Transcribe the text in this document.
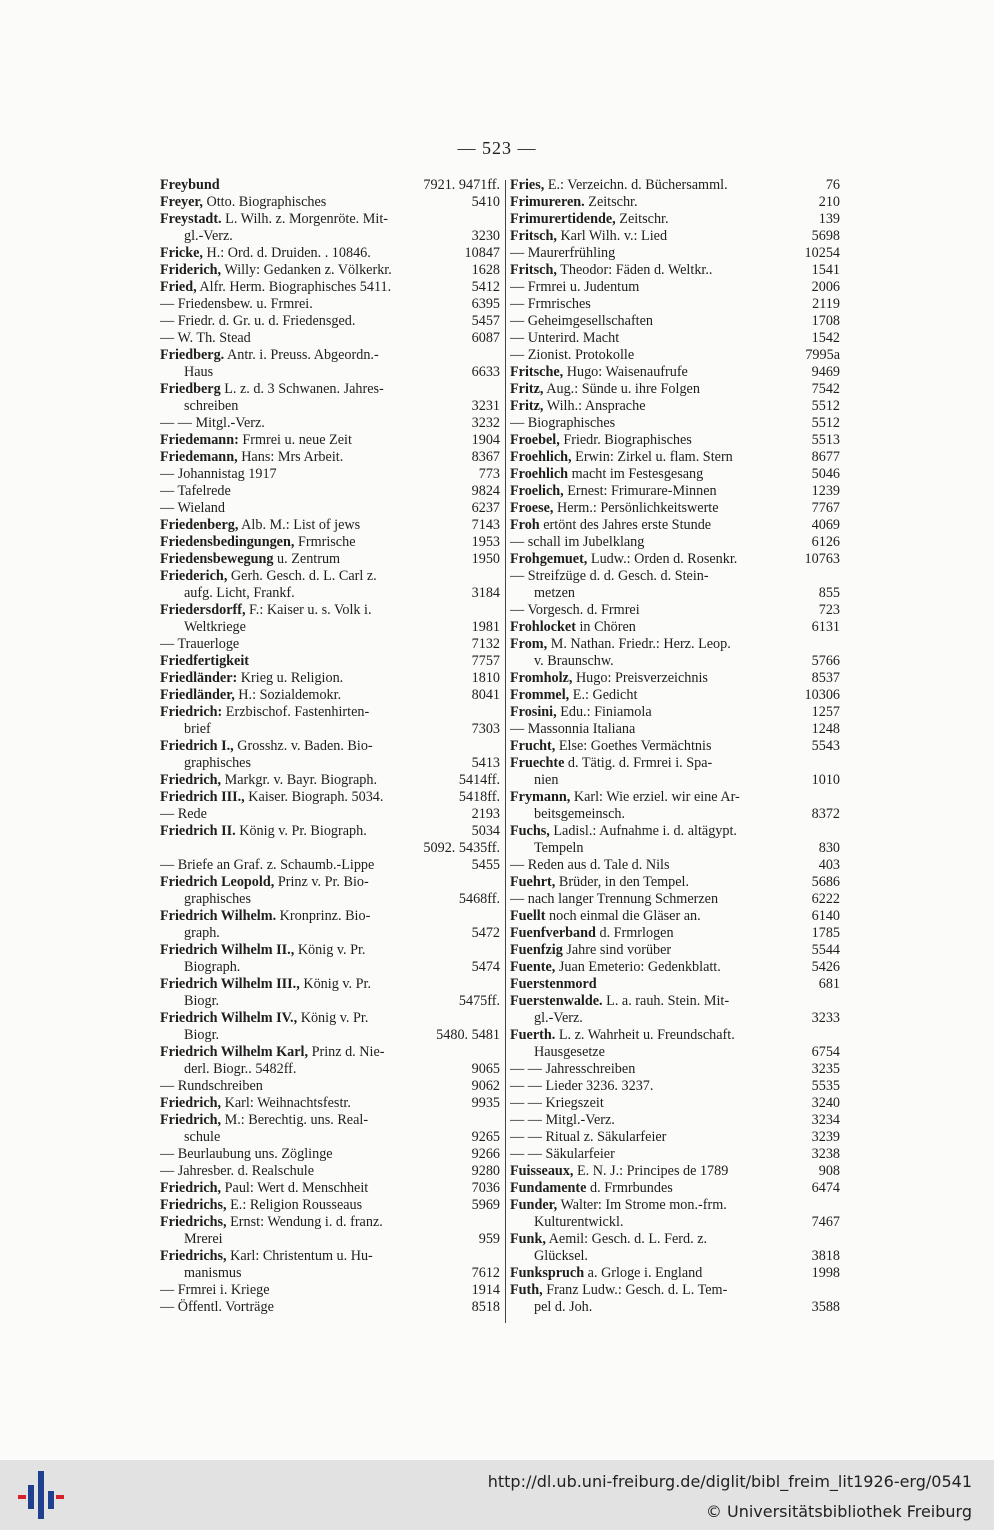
— 523 —
Freybund	7921. 9471ff.
Freyer, Otto. Biographisches	5410
Freystadt. L. Wilh. z. Morgenröte. Mit-
gl.-Verz.	3230
Fricke, H.: Ord. d. Druiden. . 10846.	10847
Friderich, Willy: Gedanken z. Völkerkr.	1628
Fried, Alfr. Herm. Biographisches 5411.	5412
— Friedensbew. u. Frmrei.	6395
— Friedr. d. Gr. u. d. Friedensged.	5457
— W. Th. Stead	6087
Friedberg. Antr. i. Preuss. Abgeordn.-
Haus	6633
Friedberg L. z. d. 3 Schwanen. Jahres-
schreiben	3231
— — Mitgl.-Verz.	3232
Friedemann: Frmrei u. neue Zeit	1904
Friedemann, Hans: Mrs Arbeit.	8367
— Johannistag 1917	773
— Tafelrede	9824
— Wieland	6237
Friedenberg, Alb. M.: List of jews	7143
Friedensbedingungen, Frmrische	1953
Friedensbewegung u. Zentrum	1950
Friederich, Gerh. Gesch. d. L. Carl z.
aufg. Licht, Frankf.	3184
Friedersdorff, F.: Kaiser u. s. Volk i.
Weltkriege	1981
— Trauerloge	7132
Friedfertigkeit	7757
Friedländer: Krieg u. Religion.	1810
Friedländer, H.: Sozialdemokr.	8041
Friedrich: Erzbischof. Fastenhirten-
brief	7303
Friedrich I., Grosshz. v. Baden. Bio-
graphisches	5413
Friedrich, Markgr. v. Bayr. Biograph.	5414ff.
Friedrich III., Kaiser. Biograph. 5034.	5418ff.
— Rede	2193
Friedrich II. König v. Pr. Biograph.	5034
5092. 5435ff.
— Briefe an Graf. z. Schaumb.-Lippe	5455
Friedrich Leopold, Prinz v. Pr. Bio-
graphisches	5468ff.
Friedrich Wilhelm. Kronprinz. Bio-
graph.	5472
Friedrich Wilhelm II., König v. Pr.
Biograph.	5474
Friedrich Wilhelm III., König v. Pr.
Biogr.	5475ff.
Friedrich Wilhelm IV., König v. Pr.
Biogr.	5480. 5481
Friedrich Wilhelm Karl, Prinz d. Nie-
derl. Biogr.. 5482ff.	9065
— Rundschreiben	9062
Friedrich, Karl: Weihnachtsfestr.	9935
Friedrich, M.: Berechtig. uns. Real-
schule	9265
— Beurlaubung uns. Zöglinge	9266
— Jahresber. d. Realschule	9280
Friedrich, Paul: Wert d. Menschheit	7036
Friedrichs, E.: Religion Rousseaus	5969
Friedrichs, Ernst: Wendung i. d. franz.
Mrerei	959
Friedrichs, Karl: Christentum u. Hu-
manismus	7612
— Frmrei i. Kriege	1914
— Öffentl. Vorträge	8518
Fries, E.: Verzeichn. d. Büchersamml.	76
Frimureren. Zeitschr.	210
Frimurertidende, Zeitschr.	139
Fritsch, Karl Wilh. v.: Lied	5698
— Maurerfrühling	10254
Fritsch, Theodor: Fäden d. Weltkr..	1541
— Frmrei u. Judentum	2006
— Frmrisches	2119
— Geheimgesellschaften	1708
— Unterird. Macht	1542
— Zionist. Protokolle	7995a
Fritsche, Hugo: Waisenaufrufe	9469
Fritz, Aug.: Sünde u. ihre Folgen	7542
Fritz, Wilh.: Ansprache	5512
— Biographisches	5512
Froebel, Friedr. Biographisches	5513
Froehlich, Erwin: Zirkel u. flam. Stern	8677
Froehlich macht im Festesgesang	5046
Froelich, Ernest: Frimurare-Minnen	1239
Froese, Herm.: Persönlichkeitswerte	7767
Froh ertönt des Jahres erste Stunde	4069
— schall im Jubelklang	6126
Frohgemuet, Ludw.: Orden d. Rosenkr.	10763
— Streifzüge d. d. Gesch. d. Stein-
metzen	855
— Vorgesch. d. Frmrei	723
Frohlocket in Chören	6131
From, M. Nathan. Friedr.: Herz. Leop.
v. Braunschw.	5766
Fromholz, Hugo: Preisverzeichnis	8537
Frommel, E.: Gedicht	10306
Frosini, Edu.: Finiamola	1257
— Massonnia Italiana	1248
Frucht, Else: Goethes Vermächtnis	5543
Fruechte d. Tätig. d. Frmrei i. Spa-
nien	1010
Frymann, Karl: Wie erziel. wir eine Ar-
beitsgemeinsch.	8372
Fuchs, Ladisl.: Aufnahme i. d. altägypt.
Tempeln	830
— Reden aus d. Tale d. Nils	403
Fuehrt, Brüder, in den Tempel.	5686
— nach langer Trennung Schmerzen	6222
Fuellt noch einmal die Gläser an.	6140
Fuenfverband d. Frmrlogen	1785
Fuenfzig Jahre sind vorüber	5544
Fuente, Juan Emeterio: Gedenkblatt.	5426
Fuerstenmord	681
Fuerstenwalde. L. a. rauh. Stein. Mit-
gl.-Verz.	3233
Fuerth. L. z. Wahrheit u. Freundschaft.
Hausgesetze	6754
— — Jahresschreiben	3235
— — Lieder 3236. 3237.	5535
— — Kriegszeit	3240
— — Mitgl.-Verz.	3234
— — Ritual z. Säkularfeier	3239
— — Säkularfeier	3238
Fuisseaux, E. N. J.: Principes de 1789	908
Fundamente d. Frmrbundes	6474
Funder, Walter: Im Strome mon.-frm.
Kulturentwickl.	7467
Funk, Aemil: Gesch. d. L. Ferd. z.
Glücksel.	3818
Funkspruch a. Grloge i. England	1998
Futh, Franz Ludw.: Gesch. d. L. Tem-
pel d. Joh.	3588
http://dl.ub.uni-freiburg.de/diglit/bibl_freim_lit1926-erg/0541
© Universitätsbibliothek Freiburg
